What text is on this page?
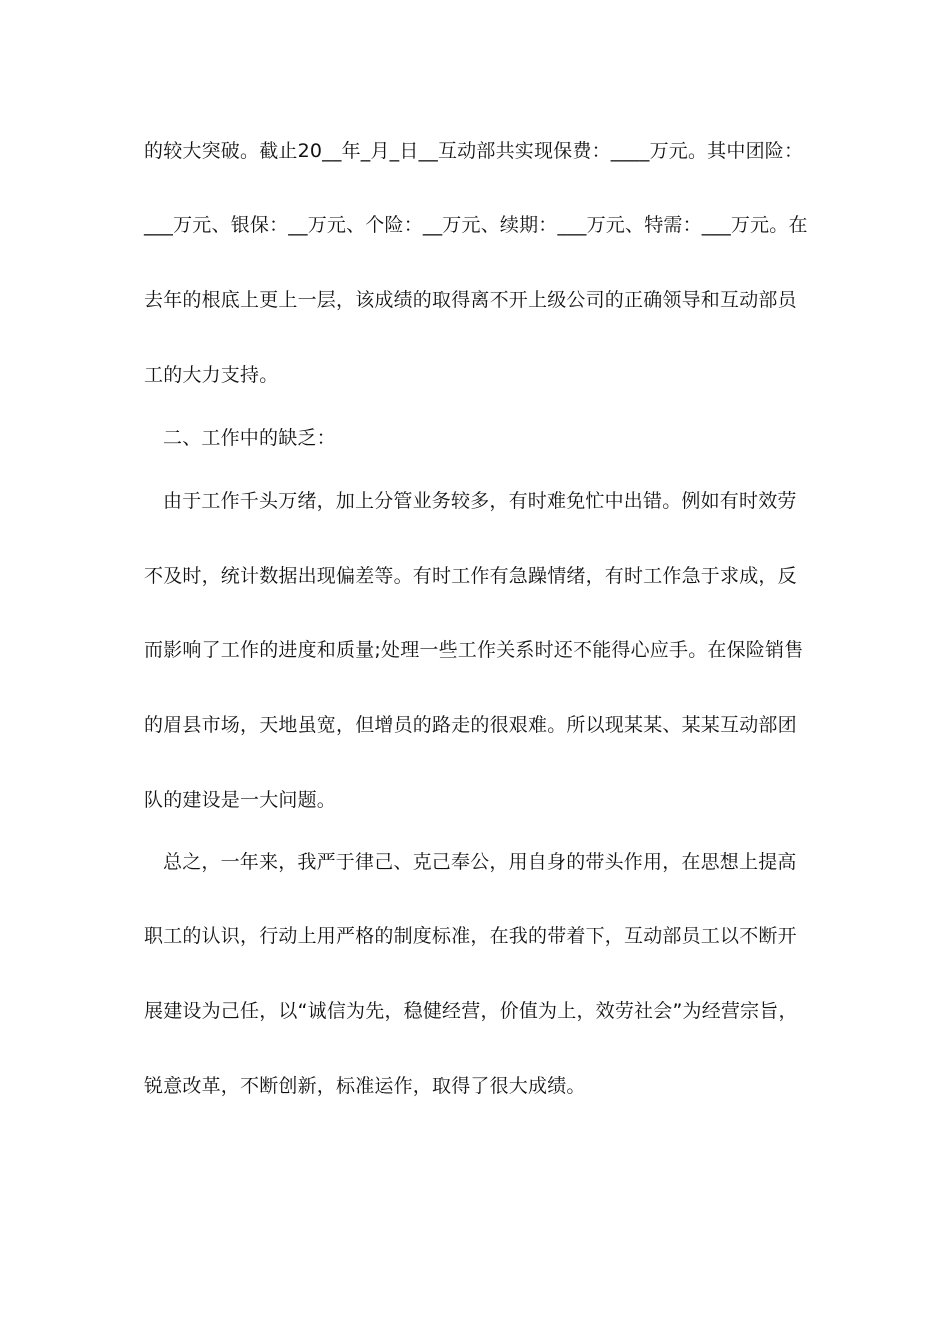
的较大突破。截止20__年_月_日__互动部共实现保费：____万元。其中团险：
___万元、银保：__万元、个险：__万元、续期：___万元、特需：___万元。在
去年的根底上更上一层，该成绩的取得离不开上级公司的正确领导和互动部员
工的大力支持。
二、工作中的缺乏：
由于工作千头万绪，加上分管业务较多，有时难免忙中出错。例如有时效劳
不及时，统计数据出现偏差等。有时工作有急躁情绪，有时工作急于求成，反
而影响了工作的进度和质量;处理一些工作关系时还不能得心应手。在保险销售
的眉县市场，天地虽宽，但增员的路走的很艰难。所以现某某、某某互动部团
队的建设是一大问题。
总之，一年来，我严于律己、克己奉公，用自身的带头作用，在思想上提高
职工的认识，行动上用严格的制度标准，在我的带着下，互动部员工以不断开
展建设为己任，以“诚信为先，稳健经营，价值为上，效劳社会”为经营宗旨，
锐意改革，不断创新，标准运作，取得了很大成绩。
